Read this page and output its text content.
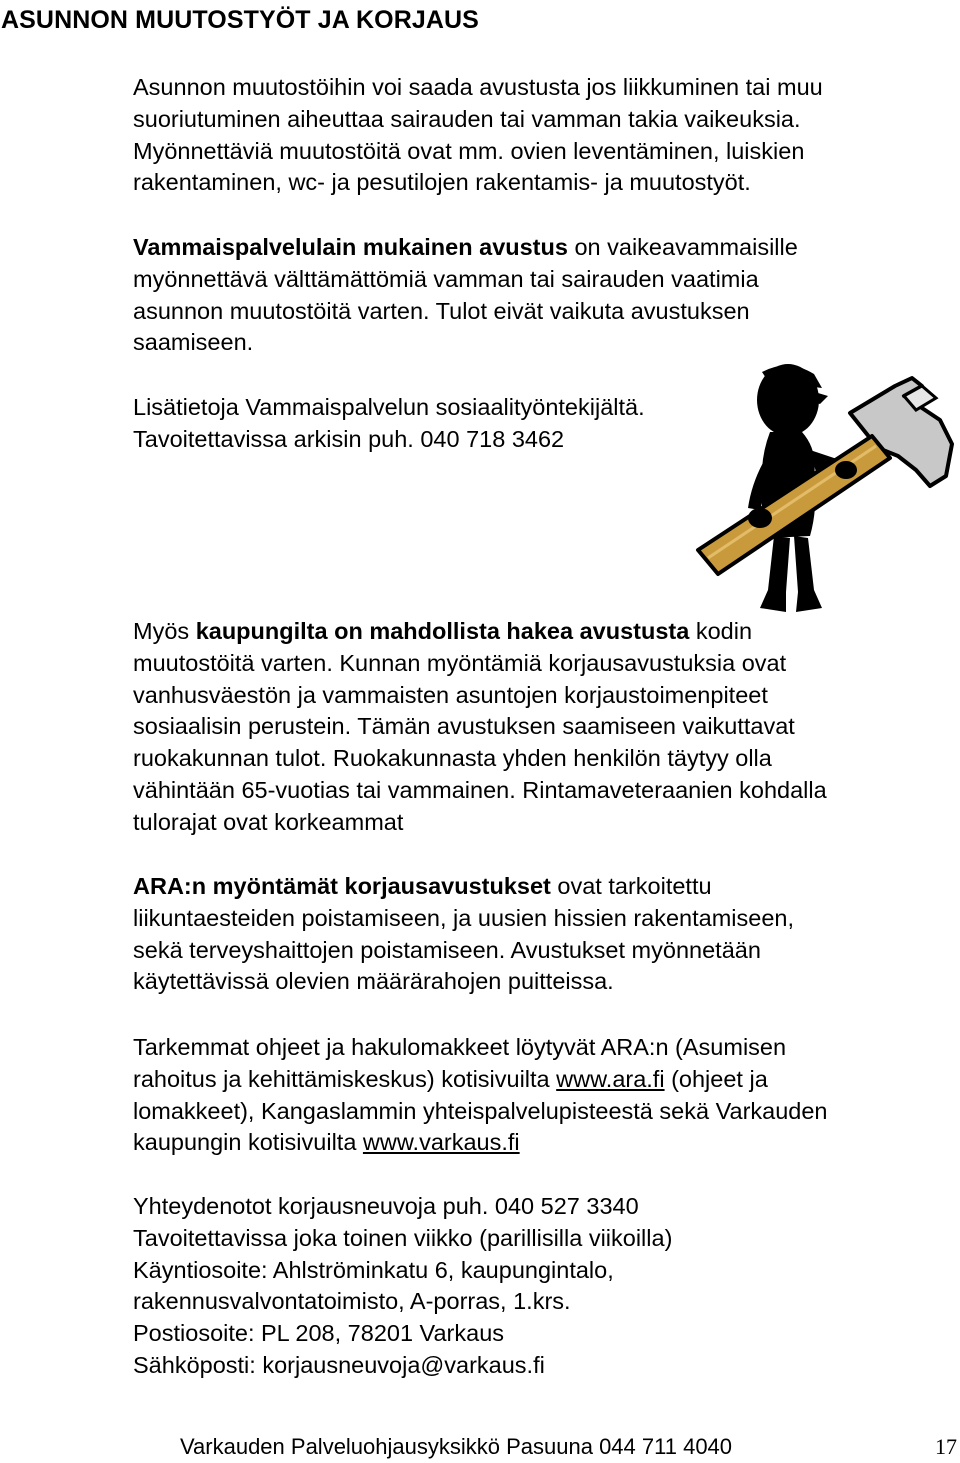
ASUNNON MUUTOSTYÖT JA KORJAUS
Asunnon muutostöihin voi saada avustusta jos liikkuminen tai muu
suoriutuminen aiheuttaa sairauden tai vamman takia vaikeuksia.
Myönnettäviä muutostöitä ovat mm. ovien leventäminen, luiskien
rakentaminen, wc- ja pesutilojen rakentamis- ja muutostyöt.
Vammaispalvelulain mukainen avustus on vaikeavammaisille
myönnettävä välttämättömiä vamman tai sairauden vaatimia
asunnon muutostöitä varten. Tulot eivät vaikuta avustuksen
saamiseen.
Lisätietoja Vammaispalvelun sosiaalityöntekijältä.
Tavoitettavissa arkisin puh. 040 718 3462
Myös kaupungilta on mahdollista hakea avustusta kodin
muutostöitä varten. Kunnan myöntämiä korjausavustuksia ovat
vanhusväestön ja vammaisten asuntojen korjaustoimenpiteet
sosiaalisin perustein. Tämän avustuksen saamiseen vaikuttavat
ruokakunnan tulot. Ruokakunnasta yhden henkilön täytyy olla
vähintään 65-vuotias tai vammainen. Rintamaveteraanien kohdalla
tulorajat ovat korkeammat
ARA:n myöntämät korjausavustukset ovat tarkoitettu
liikuntaesteiden poistamiseen, ja uusien hissien rakentamiseen,
sekä terveyshaittojen poistamiseen. Avustukset myönnetään
käytettävissä olevien määrärahojen puitteissa.
Tarkemmat ohjeet ja hakulomakkeet löytyvät ARA:n (Asumisen
rahoitus ja kehittämiskeskus) kotisivuilta www.ara.fi (ohjeet ja
lomakkeet), Kangaslammin yhteispalvelupisteestä sekä Varkauden
kaupungin kotisivuilta www.varkaus.fi
Yhteydenotot korjausneuvoja puh. 040 527 3340
Tavoitettavissa joka toinen viikko (parillisilla viikoilla)
Käyntiosoite: Ahlströminkatu 6, kaupungintalo,
rakennusvalvontatoimisto, A-porras, 1.krs.
Postiosoite: PL 208, 78201 Varkaus
Sähköposti: korjausneuvoja@varkaus.fi
Varkauden Palveluohjausyksikkö Pasuuna 044 711 4040	17
